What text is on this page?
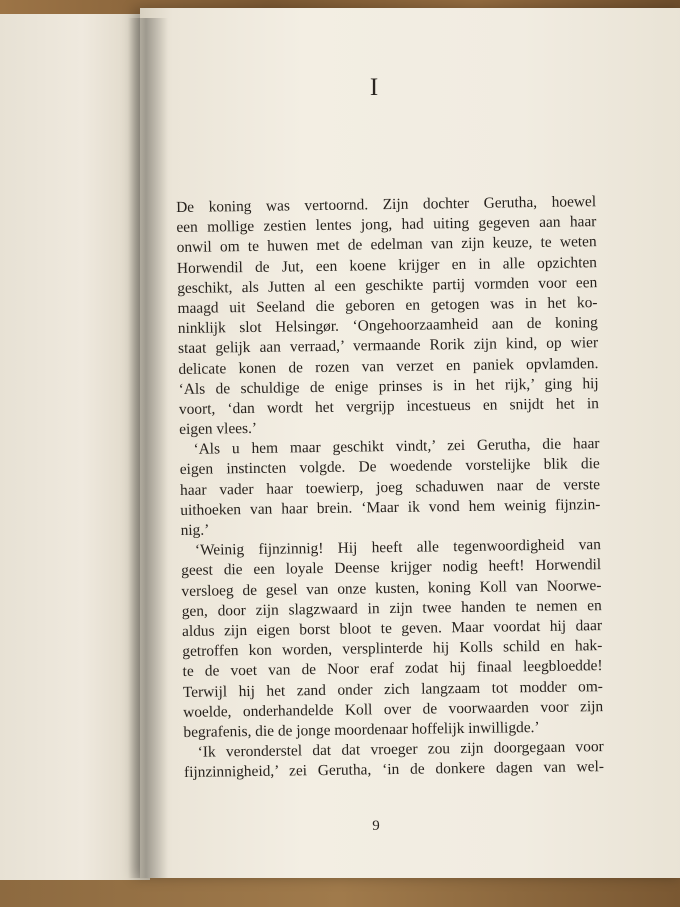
I
De koning was vertoornd. Zijn dochter Gerutha, hoewel
een mollige zestien lentes jong, had uiting gegeven aan haar
onwil om te huwen met de edelman van zijn keuze, te weten
Horwendil de Jut, een koene krijger en in alle opzichten
geschikt, als Jutten al een geschikte partij vormden voor een
maagd uit Seeland die geboren en getogen was in het ko-
ninklijk slot Helsingør. ‘Ongehoorzaamheid aan de koning
staat gelijk aan verraad,’ vermaande Rorik zijn kind, op wier
delicate konen de rozen van verzet en paniek opvlamden.
‘Als de schuldige de enige prinses is in het rijk,’ ging hij
voort, ‘dan wordt het vergrijp incestueus en snijdt het in
eigen vlees.’
‘Als u hem maar geschikt vindt,’ zei Gerutha, die haar
eigen instincten volgde. De woedende vorstelijke blik die
haar vader haar toewierp, joeg schaduwen naar de verste
uithoeken van haar brein. ‘Maar ik vond hem weinig fijnzin-
nig.’
‘Weinig fijnzinnig! Hij heeft alle tegenwoordigheid van
geest die een loyale Deense krijger nodig heeft! Horwendil
versloeg de gesel van onze kusten, koning Koll van Noorwe-
gen, door zijn slagzwaard in zijn twee handen te nemen en
aldus zijn eigen borst bloot te geven. Maar voordat hij daar
getroffen kon worden, versplinterde hij Kolls schild en hak-
te de voet van de Noor eraf zodat hij finaal leegbloedde!
Terwijl hij het zand onder zich langzaam tot modder om-
woelde, onderhandelde Koll over de voorwaarden voor zijn
begrafenis, die de jonge moordenaar hoffelijk inwilligde.’
‘Ik veronderstel dat dat vroeger zou zijn doorgegaan voor
fijnzinnigheid,’ zei Gerutha, ‘in de donkere dagen van wel-
9
